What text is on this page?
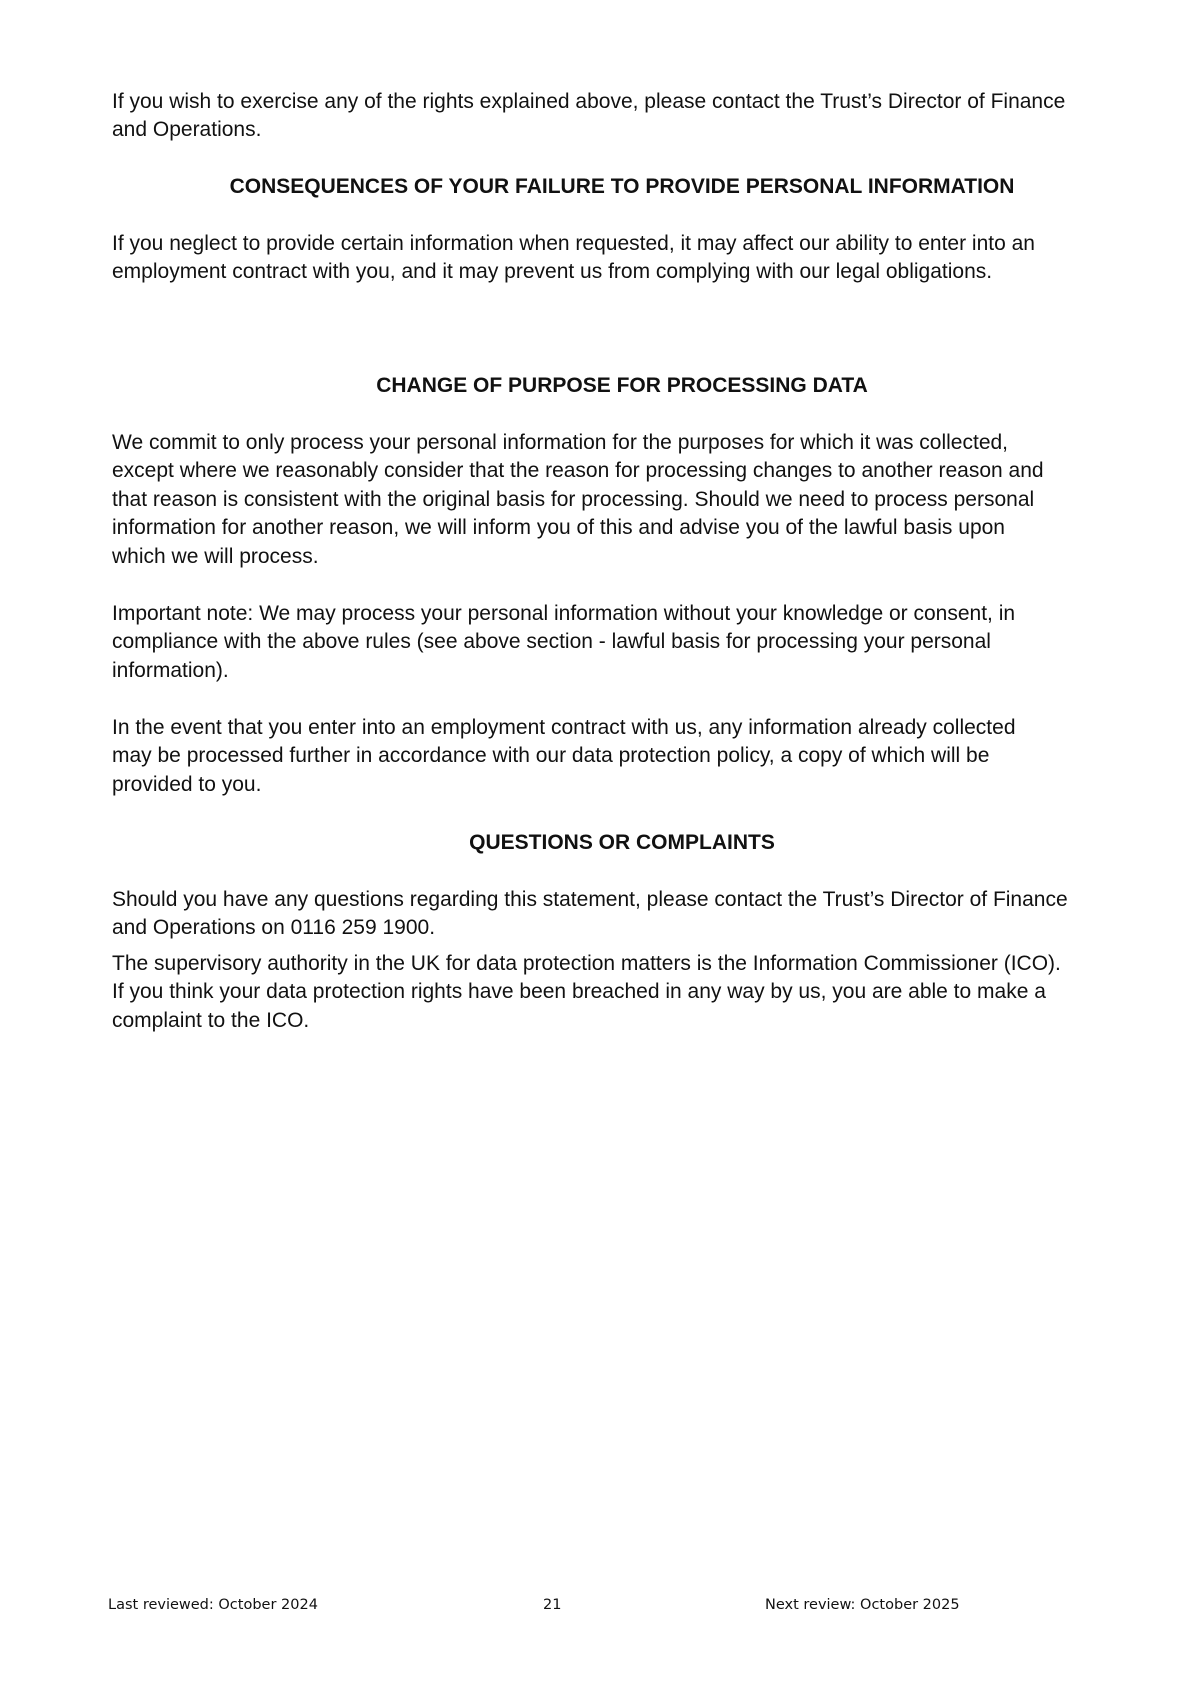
If you wish to exercise any of the rights explained above, please contact the Trust’s Director of Finance
and Operations.
CONSEQUENCES OF YOUR FAILURE TO PROVIDE PERSONAL INFORMATION
If you neglect to provide certain information when requested, it may affect our ability to enter into an
employment contract with you, and it may prevent us from complying with our legal obligations.
CHANGE OF PURPOSE FOR PROCESSING DATA
We commit to only process your personal information for the purposes for which it was collected,
except where we reasonably consider that the reason for processing changes to another reason and
that reason is consistent with the original basis for processing. Should we need to process personal
information for another reason, we will inform you of this and advise you of the lawful basis upon
which we will process.
Important note: We may process your personal information without your knowledge or consent, in
compliance with the above rules (see above section - lawful basis for processing your personal
information).
In the event that you enter into an employment contract with us, any information already collected
may be processed further in accordance with our data protection policy, a copy of which will be
provided to you.
QUESTIONS OR COMPLAINTS
Should you have any questions regarding this statement, please contact the Trust’s Director of Finance
and Operations on 0116 259 1900.
The supervisory authority in the UK for data protection matters is the Information Commissioner (ICO).
If you think your data protection rights have been breached in any way by us, you are able to make a
complaint to the ICO.
Last reviewed: October 2024	21	Next review: October 2025
